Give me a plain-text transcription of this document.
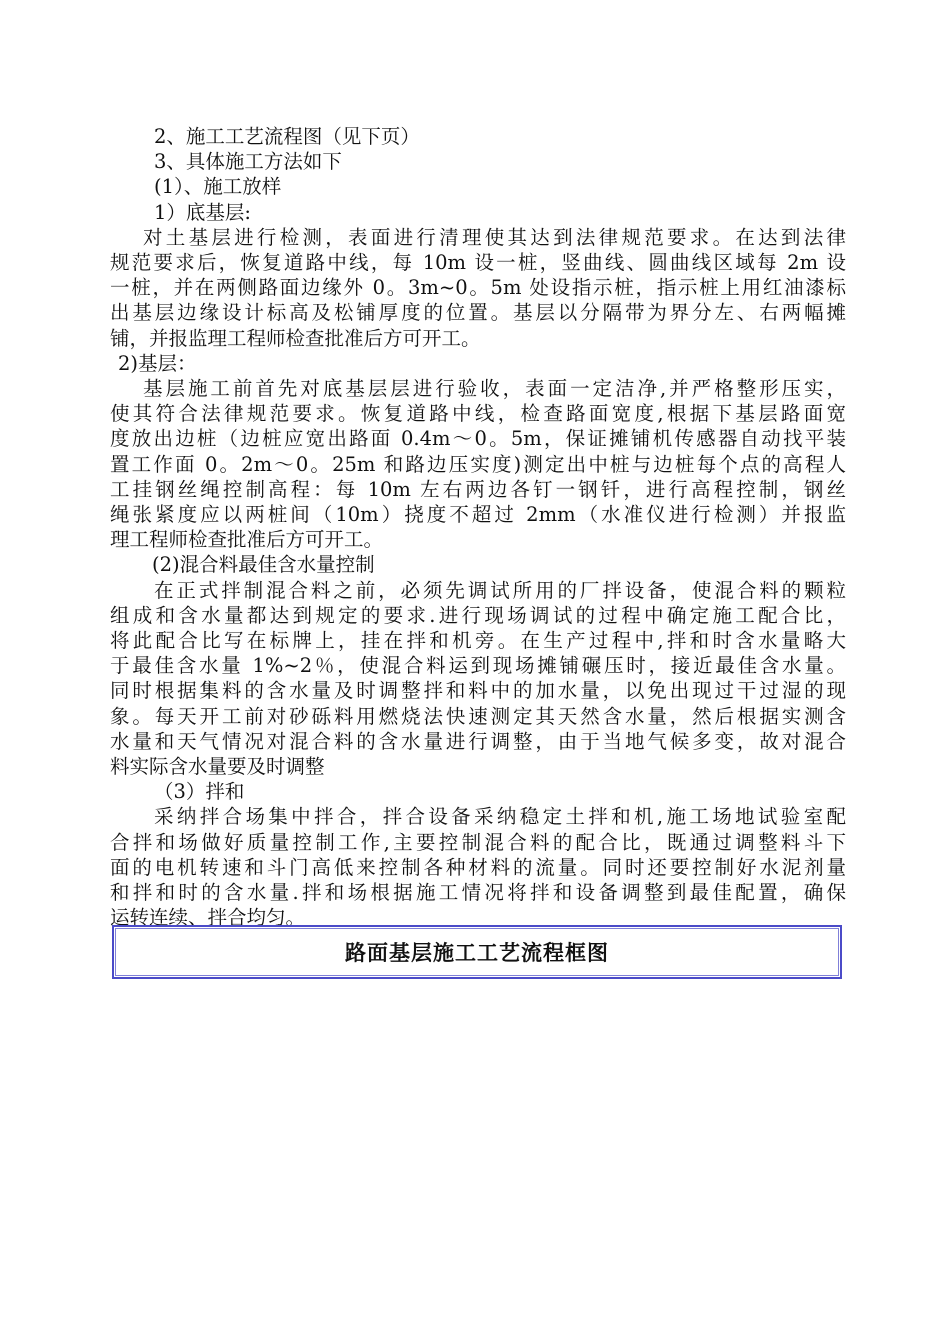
2、施工工艺流程图（见下页）
3、具体施工方法如下
(1）、施工放样
1）底基层:
对土基层进行检测，表面进行清理使其达到法律规范要求。在达到法律
规范要求后，恢复道路中线，每 10m 设一桩，竖曲线、圆曲线区域每 2m 设
一桩，并在两侧路面边缘外 0。3m~0。5m 处设指示桩，指示桩上用红油漆标
出基层边缘设计标高及松铺厚度的位置。基层以分隔带为界分左、右两幅摊
铺，并报监理工程师检查批准后方可开工。
2)基层：
基层施工前首先对底基层层进行验收，表面一定洁净,并严格整形压实，
使其符合法律规范要求。恢复道路中线，检查路面宽度,根据下基层路面宽
度放出边桩（边桩应宽出路面 0.4m～0。5m，保证摊铺机传感器自动找平装
置工作面 0。2m～0。25m 和路边压实度)测定出中桩与边桩每个点的高程人
工挂钢丝绳控制高程：每 10m 左右两边各钉一钢钎，进行高程控制，钢丝
绳张紧度应以两桩间（10m）挠度不超过 2mm（水准仪进行检测）并报监
理工程师检查批准后方可开工。
(2)混合料最佳含水量控制
在正式拌制混合料之前，必须先调试所用的厂拌设备，使混合料的颗粒
组成和含水量都达到规定的要求.进行现场调试的过程中确定施工配合比，
将此配合比写在标牌上，挂在拌和机旁。在生产过程中,拌和时含水量略大
于最佳含水量 1%~2％，使混合料运到现场摊铺碾压时，接近最佳含水量。
同时根据集料的含水量及时调整拌和料中的加水量，以免出现过干过湿的现
象。每天开工前对砂砾料用燃烧法快速测定其天然含水量，然后根据实测含
水量和天气情况对混合料的含水量进行调整，由于当地气候多变，故对混合
料实际含水量要及时调整
（3）拌和
采纳拌合场集中拌合，拌合设备采纳稳定土拌和机,施工场地试验室配
合拌和场做好质量控制工作,主要控制混合料的配合比，既通过调整料斗下
面的电机转速和斗门高低来控制各种材料的流量。同时还要控制好水泥剂量
和拌和时的含水量.拌和场根据施工情况将拌和设备调整到最佳配置，确保
运转连续、拌合均匀。
路面基层施工工艺流程框图
